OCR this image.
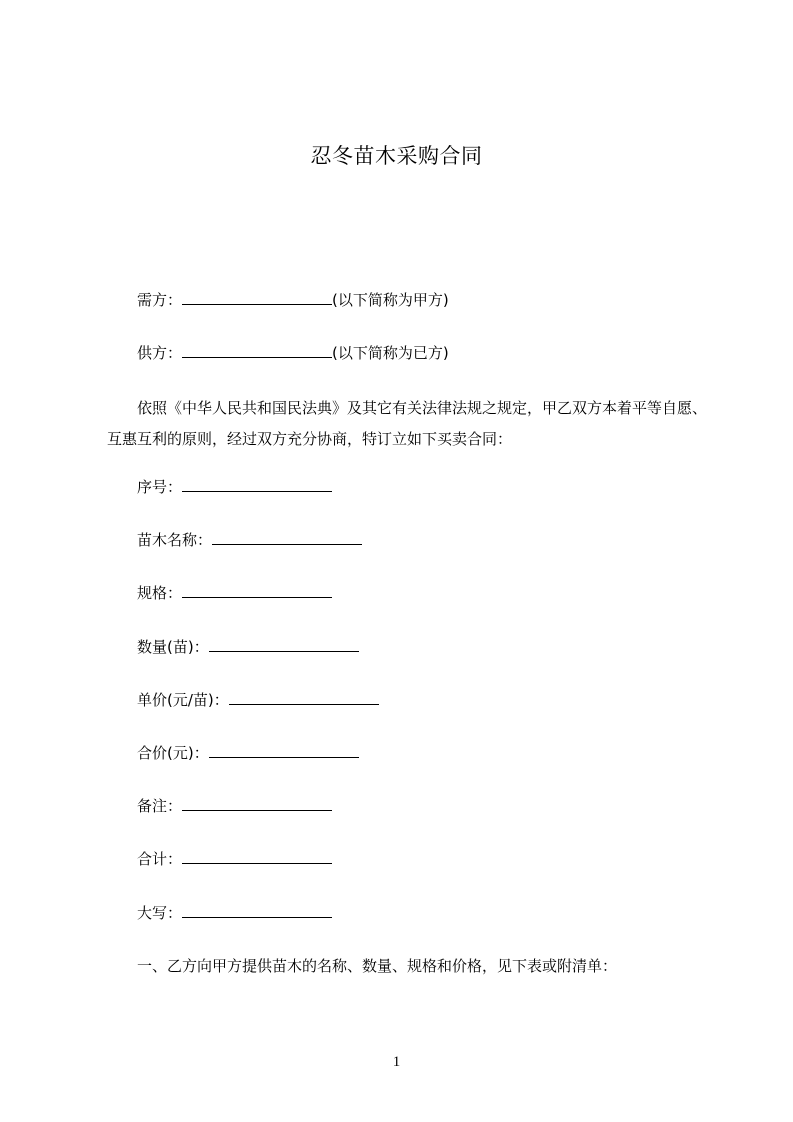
忍冬苗木采购合同
需方：	(以下简称为甲方)
供方：	(以下简称为已方)
依照《中华人民共和国民法典》及其它有关法律法规之规定，甲乙双方本着平等自愿、互惠互利的原则，经过双方充分协商，特订立如下买卖合同：
序号：
苗木名称：
规格：
数量(苗)：
单价(元/苗)：
合价(元)：
备注：
合计：
大写：
一、乙方向甲方提供苗木的名称、数量、规格和价格，见下表或附清单：
1
